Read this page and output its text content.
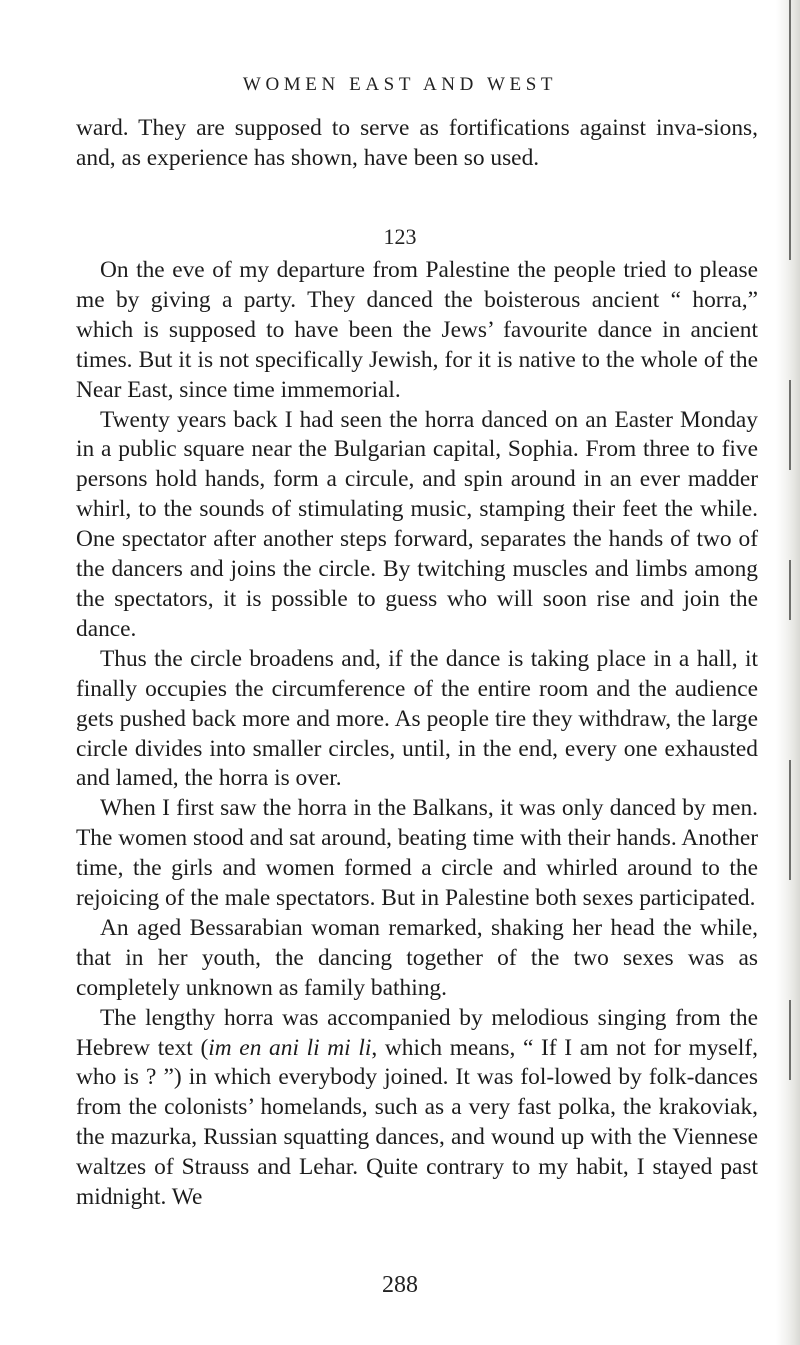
WOMEN EAST AND WEST

ward. They are supposed to serve as fortifications against inva-sions, and, as experience has shown, have been so used.

123

On the eve of my departure from Palestine the people tried to please me by giving a party. They danced the boisterous ancient “ horra,” which is supposed to have been the Jews’ favourite dance in ancient times. But it is not specifically Jewish, for it is native to the whole of the Near East, since time immemorial.

Twenty years back I had seen the horra danced on an Easter Monday in a public square near the Bulgarian capital, Sophia. From three to five persons hold hands, form a circule, and spin around in an ever madder whirl, to the sounds of stimulating music, stamping their feet the while. One spectator after another steps forward, separates the hands of two of the dancers and joins the circle. By twitching muscles and limbs among the spectators, it is possible to guess who will soon rise and join the dance.

Thus the circle broadens and, if the dance is taking place in a hall, it finally occupies the circumference of the entire room and the audience gets pushed back more and more. As people tire they withdraw, the large circle divides into smaller circles, until, in the end, every one exhausted and lamed, the horra is over.

When I first saw the horra in the Balkans, it was only danced by men. The women stood and sat around, beating time with their hands. Another time, the girls and women formed a circle and whirled around to the rejoicing of the male spectators. But in Palestine both sexes participated.

An aged Bessarabian woman remarked, shaking her head the while, that in her youth, the dancing together of the two sexes was as completely unknown as family bathing.

The lengthy horra was accompanied by melodious singing from the Hebrew text (im en ani li mi li, which means, “ If I am not for myself, who is ? ”) in which everybody joined. It was fol-lowed by folk-dances from the colonists’ homelands, such as a very fast polka, the krakoviak, the mazurka, Russian squatting dances, and wound up with the Viennese waltzes of Strauss and Lehar. Quite contrary to my habit, I stayed past midnight. We

288
